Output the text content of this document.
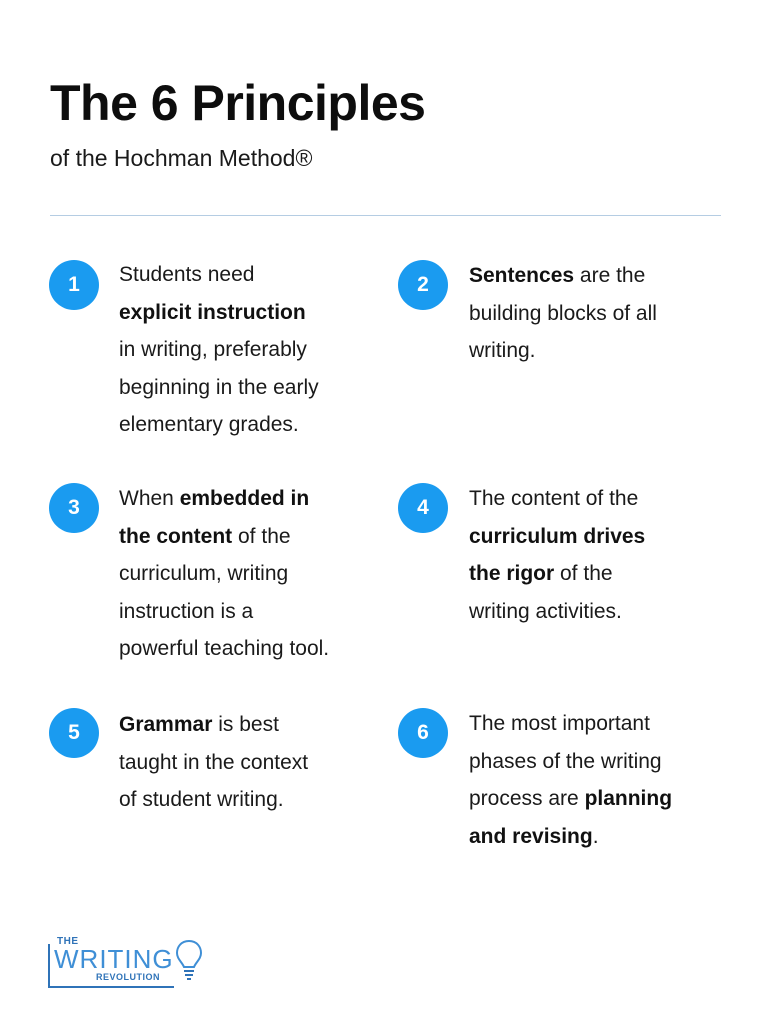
The 6 Principles
of the Hochman Method®
1	Students need
explicit instruction
in writing, preferably
beginning in the early
elementary grades.
2	Sentences are the
building blocks of all
writing.
3	When embedded in
the content of the
curriculum, writing
instruction is a
powerful teaching tool.
4	The content of the
curriculum drives
the rigor of the
writing activities.
5	Grammar is best
taught in the context
of student writing.
6	The most important
phases of the writing
process are planning
and revising.
THE
WRITING
REVOLUTION
